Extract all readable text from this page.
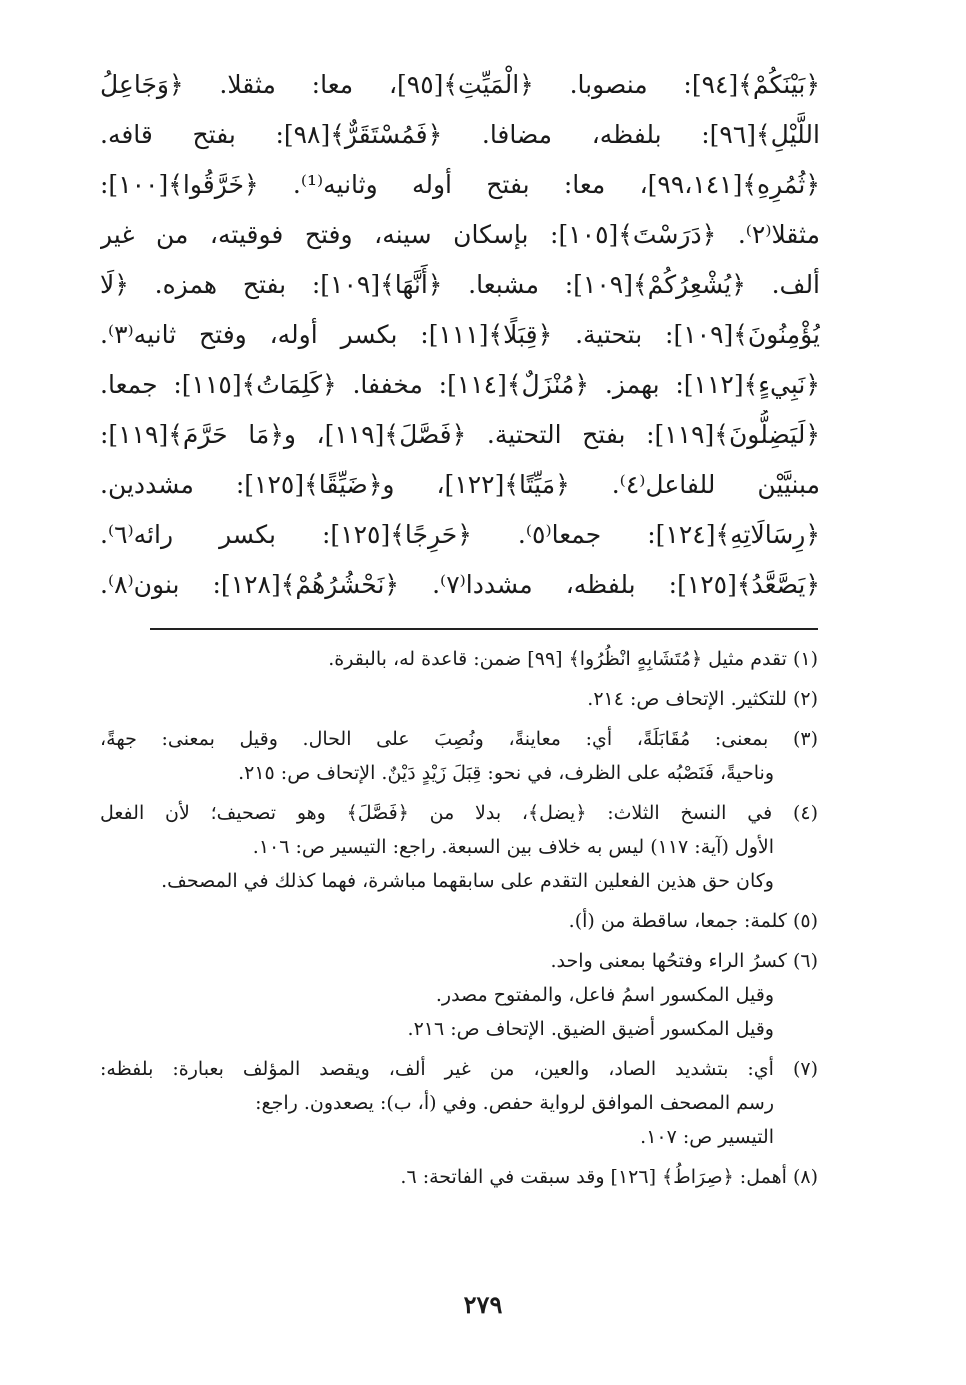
﴿بَيْنَكُمْ﴾[٩٤]: منصوبا. ﴿الْمَيِّتِ﴾[٩٥]، معا: مثقلا. ﴿وَجَاعِلُ
اللَّيْلِ﴾[٩٦]: بلفظه، مضافا. ﴿فَمُسْتَقَرٌّ﴾[٩٨]: بفتح قافه.
﴿ثُمُرِهِ﴾[٩٩،١٤١]، معا: بفتح أوله وثانيه⁽¹⁾. ﴿خَرَّقُوا﴾[١٠٠]:
مثقلا⁽٢⁾. ﴿دَرَسْتَ﴾[١٠٥]: بإسكان سينه، وفتح فوقيته، من غير
ألف. ﴿يُشْعِرُكُمْ﴾[١٠٩]: مشبعا. ﴿أَنَّهَا﴾[١٠٩]: بفتح همزه. ﴿لَا
يُؤْمِنُونَ﴾[١٠٩]: بتحتية. ﴿قِبَلًا﴾[١١١]: بكسر أوله، وفتح ثانيه⁽٣⁾.
﴿نَبِيءٍ﴾[١١٢]: بهمز. ﴿مُنْزَلٌ﴾[١١٤]: مخففا. ﴿كَلِمَاتُ﴾[١١٥]: جمعا.
﴿لَيَضِلُّونَ﴾[١١٩]: بفتح التحتية. ﴿فَصَّلَ﴾[١١٩]، و﴿مَا حَرَّمَ﴾[١١٩]:
مبنيَّيْن للفاعل⁽٤⁾. ﴿مَيِّتًا﴾[١٢٢]، و﴿ضَيِّقًا﴾[١٢٥]: مشددين.
﴿رِسَالَاتِهِ﴾[١٢٤]: جمعا⁽٥⁾. ﴿حَرِجًا﴾[١٢٥]: بكسر رائه⁽٦⁾.
﴿يَصَّعَّدُ﴾[١٢٥]: بلفظه، مشددا⁽٧⁾. ﴿نَحْشُرُهُمْ﴾[١٢٨]: بنون⁽٨⁾.
(١) تقدم مثيل ﴿مُتَشَابِهٍ انْظُرُوا﴾ [٩٩] ضمن: قاعدة له، بالبقرة.
(٢) للتكثير. الإتحاف ص: ٢١٤.
(٣) بمعنى: مُقَابَلَةً، أي: معاينةً، ونُصِبَ على الحال. وقيل بمعنى: جهةً،
وناحيةً، فَنَصْبُه على الظرف، في نحو: قِبَلَ زَيْدٍ دَيْنٌ. الإتحاف ص: ٢١٥.
(٤) في النسخ الثلاث: ﴿يضل﴾، بدلا من ﴿فَصَّلَ﴾ وهو تصحيف؛ لأن الفعل
الأول (آية: ١١٧) ليس به خلاف بين السبعة. راجع: التيسير ص: ١٠٦.
وكان حق هذين الفعلين التقدم على سابقهما مباشرة، فهما كذلك في المصحف.
(٥) كلمة: جمعا، ساقطة من (أ).
(٦) كسرُ الراء وفتحُها بمعنى واحد.
وقيل المكسور اسمُ فاعل، والمفتوح مصدر.
وقيل المكسور أضيق الضيق. الإتحاف ص: ٢١٦.
(٧) أي: بتشديد الصاد، والعين، من غير ألف، ويقصد المؤلف بعبارة: بلفظه:
رسم المصحف الموافق لرواية حفص. وفي (أ، ب): يصعدون. راجع:
التيسير ص: ١٠٧.
(٨) أهمل: ﴿صِرَاطُ﴾ [١٢٦] وقد سبقت في الفاتحة: ٦.
٢٧٩
